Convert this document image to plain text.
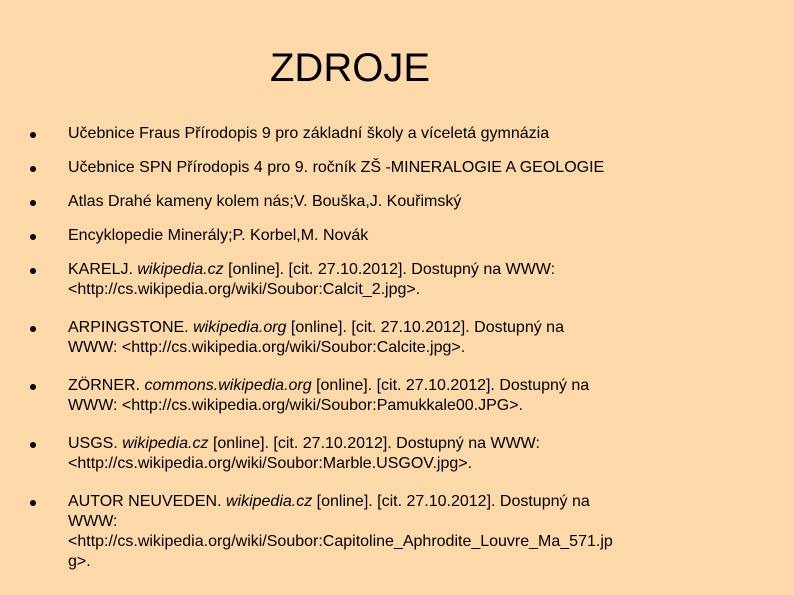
ZDROJE
Učebnice Fraus Přírodopis 9 pro základní školy a víceletá gymnázia
Učebnice SPN Přírodopis 4 pro 9. ročník ZŠ -MINERALOGIE A GEOLOGIE
Atlas Drahé kameny kolem nás;V. Bouška,J. Kouřimský
Encyklopedie Minerály;P. Korbel,M. Novák
KARELJ. wikipedia.cz [online]. [cit. 27.10.2012]. Dostupný na WWW:
<http://cs.wikipedia.org/wiki/Soubor:Calcit_2.jpg>.
ARPINGSTONE. wikipedia.org [online]. [cit. 27.10.2012]. Dostupný na
WWW: <http://cs.wikipedia.org/wiki/Soubor:Calcite.jpg>.
ZÖRNER. commons.wikipedia.org [online]. [cit. 27.10.2012]. Dostupný na
WWW: <http://cs.wikipedia.org/wiki/Soubor:Pamukkale00.JPG>.
USGS. wikipedia.cz [online]. [cit. 27.10.2012]. Dostupný na WWW:
<http://cs.wikipedia.org/wiki/Soubor:Marble.USGOV.jpg>.
AUTOR NEUVEDEN. wikipedia.cz [online]. [cit. 27.10.2012]. Dostupný na
WWW:
<http://cs.wikipedia.org/wiki/Soubor:Capitoline_Aphrodite_Louvre_Ma_571.jp
g>.
